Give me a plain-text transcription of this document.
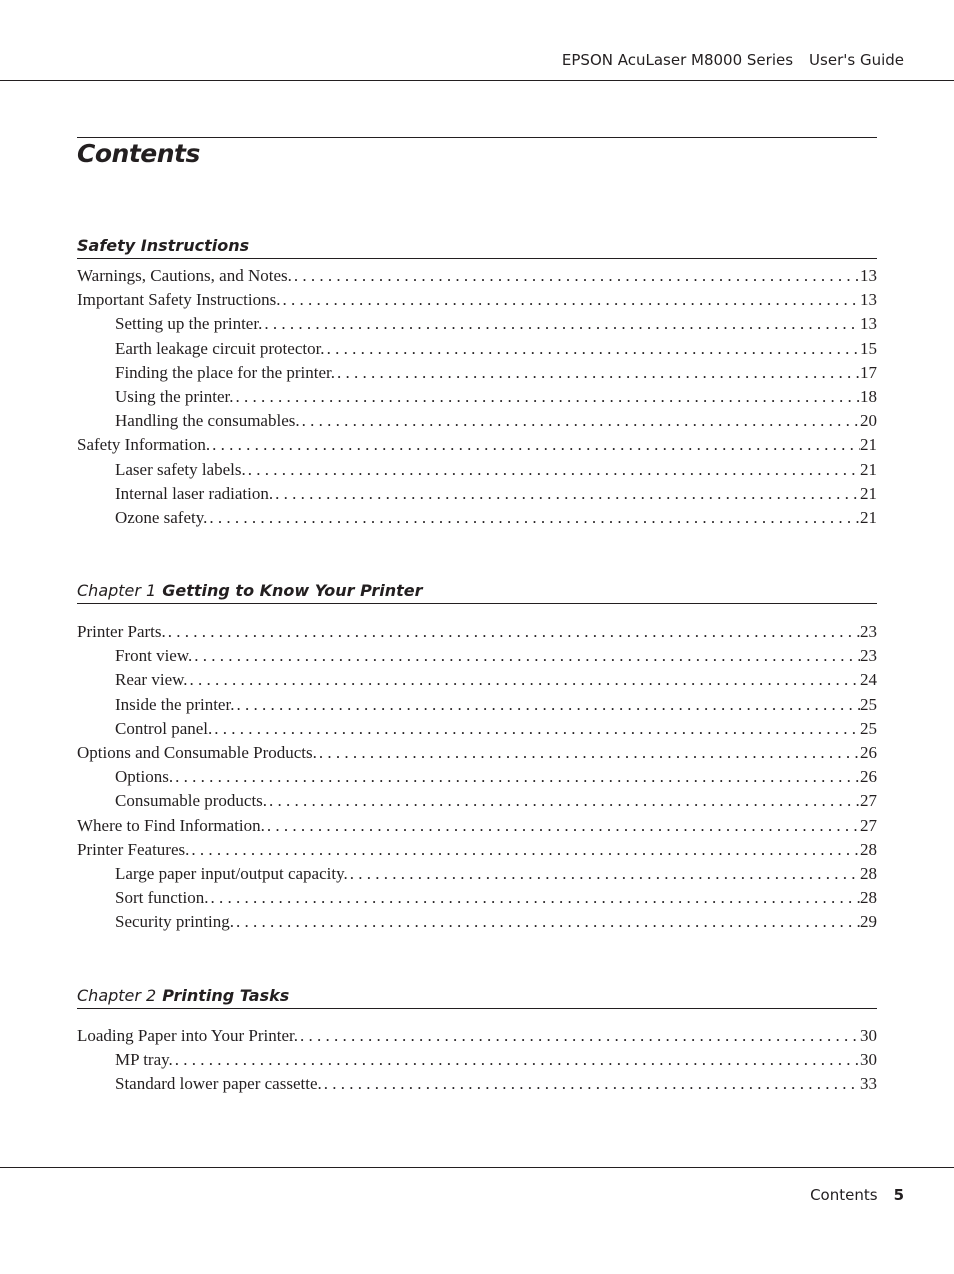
EPSON AcuLaser M8000 Series User's Guide
Contents
Safety Instructions
Warnings, Cautions, and Notes. . . .	13
Important Safety Instructions. . . .	13
Setting up the printer. . . .	13
Earth leakage circuit protector. . . .	15
Finding the place for the printer. . . .	17
Using the printer. . . .	18
Handling the consumables. . . .	20
Safety Information. . . .	21
Laser safety labels. . . .	21
Internal laser radiation. . . .	21
Ozone safety. . . .	21
Chapter 1 Getting to Know Your Printer
Printer Parts. . . .	23
Front view. . . .	23
Rear view. . . .	24
Inside the printer. . . .	25
Control panel. . . .	25
Options and Consumable Products. . . .	26
Options. . . .	26
Consumable products. . . .	27
Where to Find Information. . . .	27
Printer Features. . . .	28
Large paper input/output capacity. . . .	28
Sort function. . . .	28
Security printing. . . .	29
Chapter 2 Printing Tasks
Loading Paper into Your Printer. . . .	30
MP tray. . . .	30
Standard lower paper cassette. . . .	33
Contents 5
